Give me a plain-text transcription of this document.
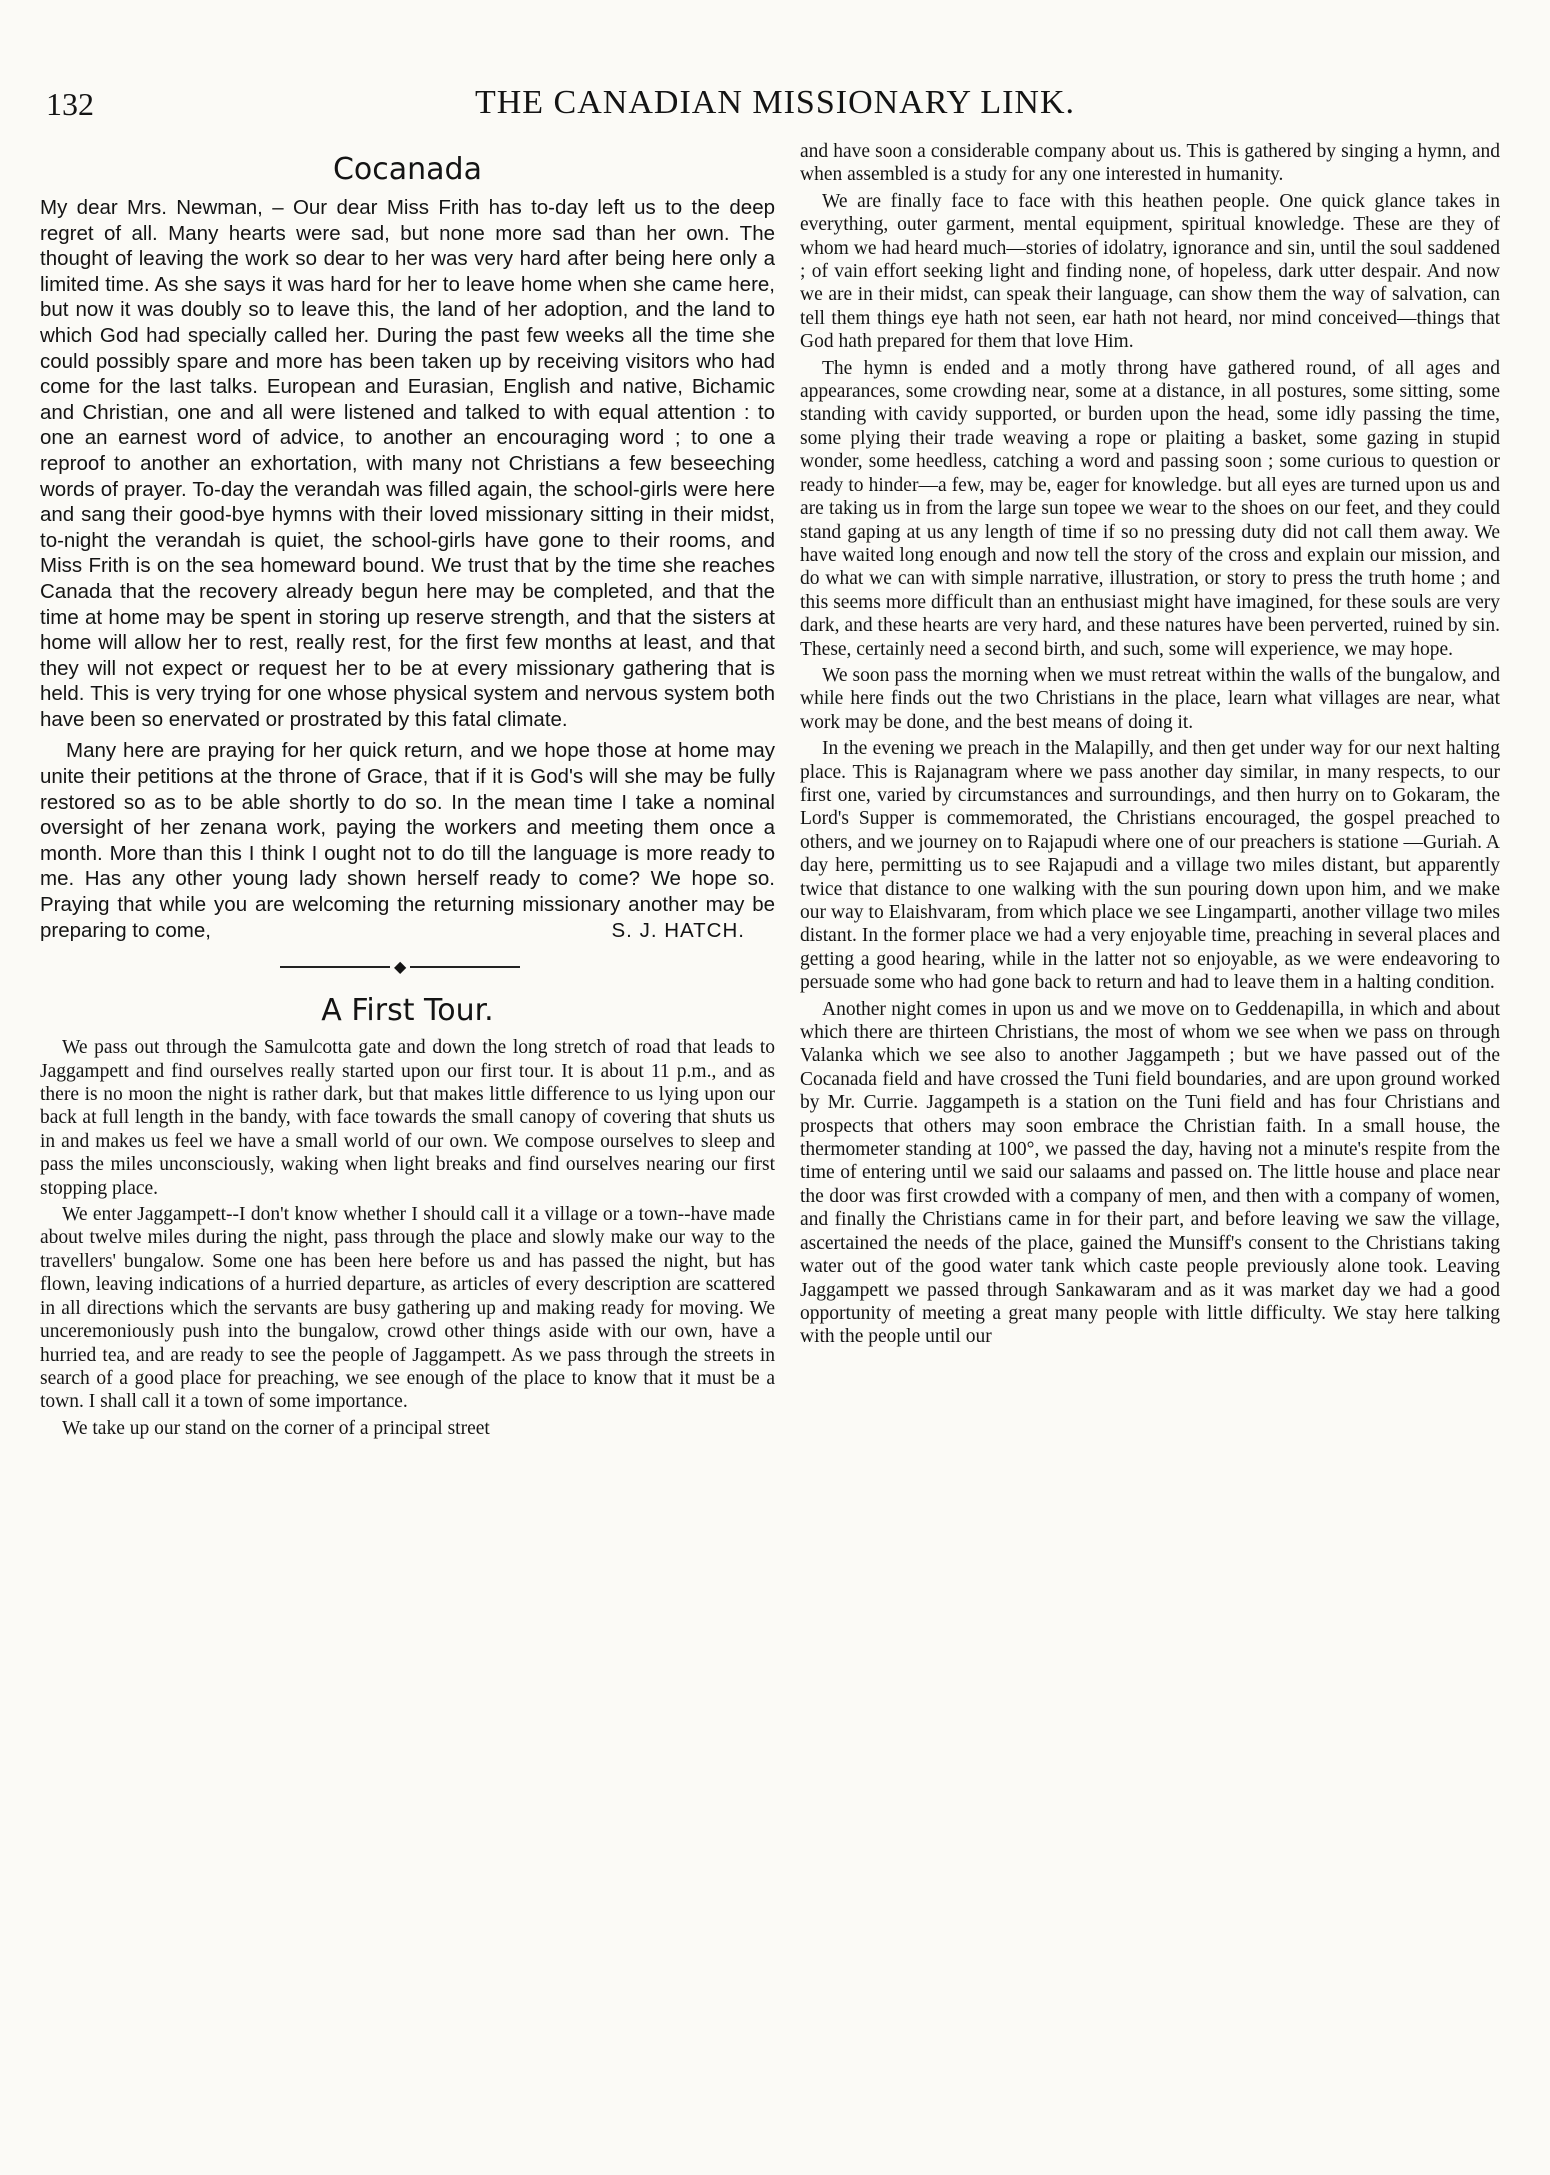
132	THE CANADIAN MISSIONARY LINK.
Cocanada

My dear Mrs. Newman, – Our dear Miss Frith has to-day left us to the deep regret of all. Many hearts were sad, but none more sad than her own. The thought of leaving the work so dear to her was very hard after being here only a limited time. As she says it was hard for her to leave home when she came here, but now it was doubly so to leave this, the land of her adoption, and the land to which God had specially called her. During the past few weeks all the time she could possibly spare and more has been taken up by receiving visitors who had come for the last talks. European and Eurasian, English and native, Bichamic and Christian, one and all were listened and talked to with equal attention : to one an earnest word of advice, to another an encouraging word ; to one a reproof to another an exhortation, with many not Christians a few beseeching words of prayer. To-day the verandah was filled again, the school-girls were here and sang their good-bye hymns with their loved missionary sitting in their midst, to-night the verandah is quiet, the school-girls have gone to their rooms, and Miss Frith is on the sea homeward bound. We trust that by the time she reaches Canada that the recovery already begun here may be completed, and that the time at home may be spent in storing up reserve strength, and that the sisters at home will allow her to rest, really rest, for the first few months at least, and that they will not expect or request her to be at every missionary gathering that is held. This is very trying for one whose physical system and nervous system both have been so enervated or prostrated by this fatal climate.

Many here are praying for her quick return, and we hope those at home may unite their petitions at the throne of Grace, that if it is God's will she may be fully restored so as to be able shortly to do so. In the mean time I take a nominal oversight of her zenana work, paying the workers and meeting them once a month. More than this I think I ought not to do till the language is more ready to me. Has any other young lady shown herself ready to come? We hope so. Praying that while you are welcoming the returning missionary another may be preparing to come,	S. J. HATCH.

◆
A First Tour.

We pass out through the Samulcotta gate and down the long stretch of road that leads to Jaggampett and find ourselves really started upon our first tour. It is about 11 p.m., and as there is no moon the night is rather dark, but that makes little difference to us lying upon our back at full length in the bandy, with face towards the small canopy of covering that shuts us in and makes us feel we have a small world of our own. We compose ourselves to sleep and pass the miles unconsciously, waking when light breaks and find ourselves nearing our first stopping place.

We enter Jaggampett--I don't know whether I should call it a village or a town--have made about twelve miles during the night, pass through the place and slowly make our way to the travellers' bungalow. Some one has been here before us and has passed the night, but has flown, leaving indications of a hurried departure, as articles of every description are scattered in all directions which the servants are busy gathering up and making ready for moving. We unceremoniously push into the bungalow, crowd other things aside with our own, have a hurried tea, and are ready to see the people of Jaggampett. As we pass through the streets in search of a good place for preaching, we see enough of the place to know that it must be a town. I shall call it a town of some importance.

We take up our stand on the corner of a principal street

and have soon a considerable company about us. This is gathered by singing a hymn, and when assembled is a study for any one interested in humanity.

We are finally face to face with this heathen people. One quick glance takes in everything, outer garment, mental equipment, spiritual knowledge. These are they of whom we had heard much—stories of idolatry, ignorance and sin, until the soul saddened ; of vain effort seeking light and finding none, of hopeless, dark utter despair. And now we are in their midst, can speak their language, can show them the way of salvation, can tell them things eye hath not seen, ear hath not heard, nor mind conceived—things that God hath prepared for them that love Him.

The hymn is ended and a motly throng have gathered round, of all ages and appearances, some crowding near, some at a distance, in all postures, some sitting, some standing with cavidy supported, or burden upon the head, some idly passing the time, some plying their trade weaving a rope or plaiting a basket, some gazing in stupid wonder, some heedless, catching a word and passing soon ; some curious to question or ready to hinder—a few, may be, eager for knowledge. but all eyes are turned upon us and are taking us in from the large sun topee we wear to the shoes on our feet, and they could stand gaping at us any length of time if so no pressing duty did not call them away. We have waited long enough and now tell the story of the cross and explain our mission, and do what we can with simple narrative, illustration, or story to press the truth home ; and this seems more difficult than an enthusiast might have imagined, for these souls are very dark, and these hearts are very hard, and these natures have been perverted, ruined by sin. These, certainly need a second birth, and such, some will experience, we may hope.

We soon pass the morning when we must retreat within the walls of the bungalow, and while here finds out the two Christians in the place, learn what villages are near, what work may be done, and the best means of doing it.

In the evening we preach in the Malapilly, and then get under way for our next halting place. This is Rajanagram where we pass another day similar, in many respects, to our first one, varied by circumstances and surroundings, and then hurry on to Gokaram, the Lord's Supper is commemorated, the Christians encouraged, the gospel preached to others, and we journey on to Rajapudi where one of our preachers is statione —Guriah. A day here, permitting us to see Rajapudi and a village two miles distant, but apparently twice that distance to one walking with the sun pouring down upon him, and we make our way to Elaishvaram, from which place we see Lingamparti, another village two miles distant. In the former place we had a very enjoyable time, preaching in several places and getting a good hearing, while in the latter not so enjoyable, as we were endeavoring to persuade some who had gone back to return and had to leave them in a halting condition.

Another night comes in upon us and we move on to Geddenapilla, in which and about which there are thirteen Christians, the most of whom we see when we pass on through Valanka which we see also to another Jaggampeth ; but we have passed out of the Cocanada field and have crossed the Tuni field boundaries, and are upon ground worked by Mr. Currie. Jaggampeth is a station on the Tuni field and has four Christians and prospects that others may soon embrace the Christian faith. In a small house, the thermometer standing at 100°, we passed the day, having not a minute's respite from the time of entering until we said our salaams and passed on. The little house and place near the door was first crowded with a company of men, and then with a company of women, and finally the Christians came in for their part, and before leaving we saw the village, ascertained the needs of the place, gained the Munsiff's consent to the Christians taking water out of the good water tank which caste people previously alone took. Leaving Jaggampett we passed through Sankawaram and as it was market day we had a good opportunity of meeting a great many people with little difficulty. We stay here talking with the people until our
